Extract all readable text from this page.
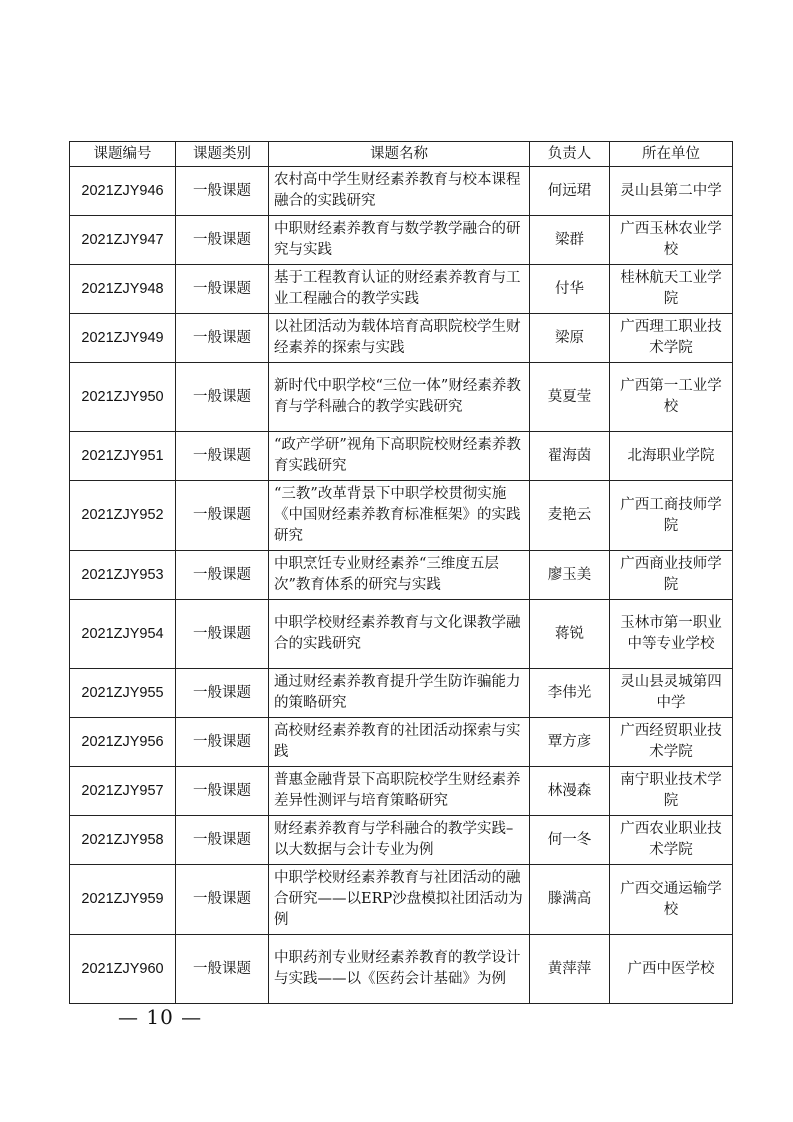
课题编号	课题类别	课题名称	负责人	所在单位
2021ZJY946	一般课题	农村高中学生财经素养教育与校本课程融合的实践研究	何远珺	灵山县第二中学
2021ZJY947	一般课题	中职财经素养教育与数学教学融合的研究与实践	梁群	广西玉林农业学校
2021ZJY948	一般课题	基于工程教育认证的财经素养教育与工业工程融合的教学实践	付华	桂林航天工业学院
2021ZJY949	一般课题	以社团活动为载体培育高职院校学生财经素养的探索与实践	梁原	广西理工职业技术学院
2021ZJY950	一般课题	新时代中职学校“三位一体”财经素养教育与学科融合的教学实践研究	莫夏莹	广西第一工业学校
2021ZJY951	一般课题	“政产学研”视角下高职院校财经素养教育实践研究	翟海茵	北海职业学院
2021ZJY952	一般课题	“三教”改革背景下中职学校贯彻实施《中国财经素养教育标准框架》的实践研究	麦艳云	广西工商技师学院
2021ZJY953	一般课题	中职烹饪专业财经素养“三维度五层次”教育体系的研究与实践	廖玉美	广西商业技师学院
2021ZJY954	一般课题	中职学校财经素养教育与文化课教学融合的实践研究	蒋锐	玉林市第一职业中等专业学校
2021ZJY955	一般课题	通过财经素养教育提升学生防诈骗能力的策略研究	李伟光	灵山县灵城第四中学
2021ZJY956	一般课题	高校财经素养教育的社团活动探索与实践	覃方彦	广西经贸职业技术学院
2021ZJY957	一般课题	普惠金融背景下高职院校学生财经素养差异性测评与培育策略研究	林漫森	南宁职业技术学院
2021ZJY958	一般课题	财经素养教育与学科融合的教学实践–以大数据与会计专业为例	何一冬	广西农业职业技术学院
2021ZJY959	一般课题	中职学校财经素养教育与社团活动的融合研究——以ERP沙盘模拟社团活动为例	滕满高	广西交通运输学校
2021ZJY960	一般课题	中职药剂专业财经素养教育的教学设计与实践——以《医药会计基础》为例	黄萍萍	广西中医学校
— 10 —
